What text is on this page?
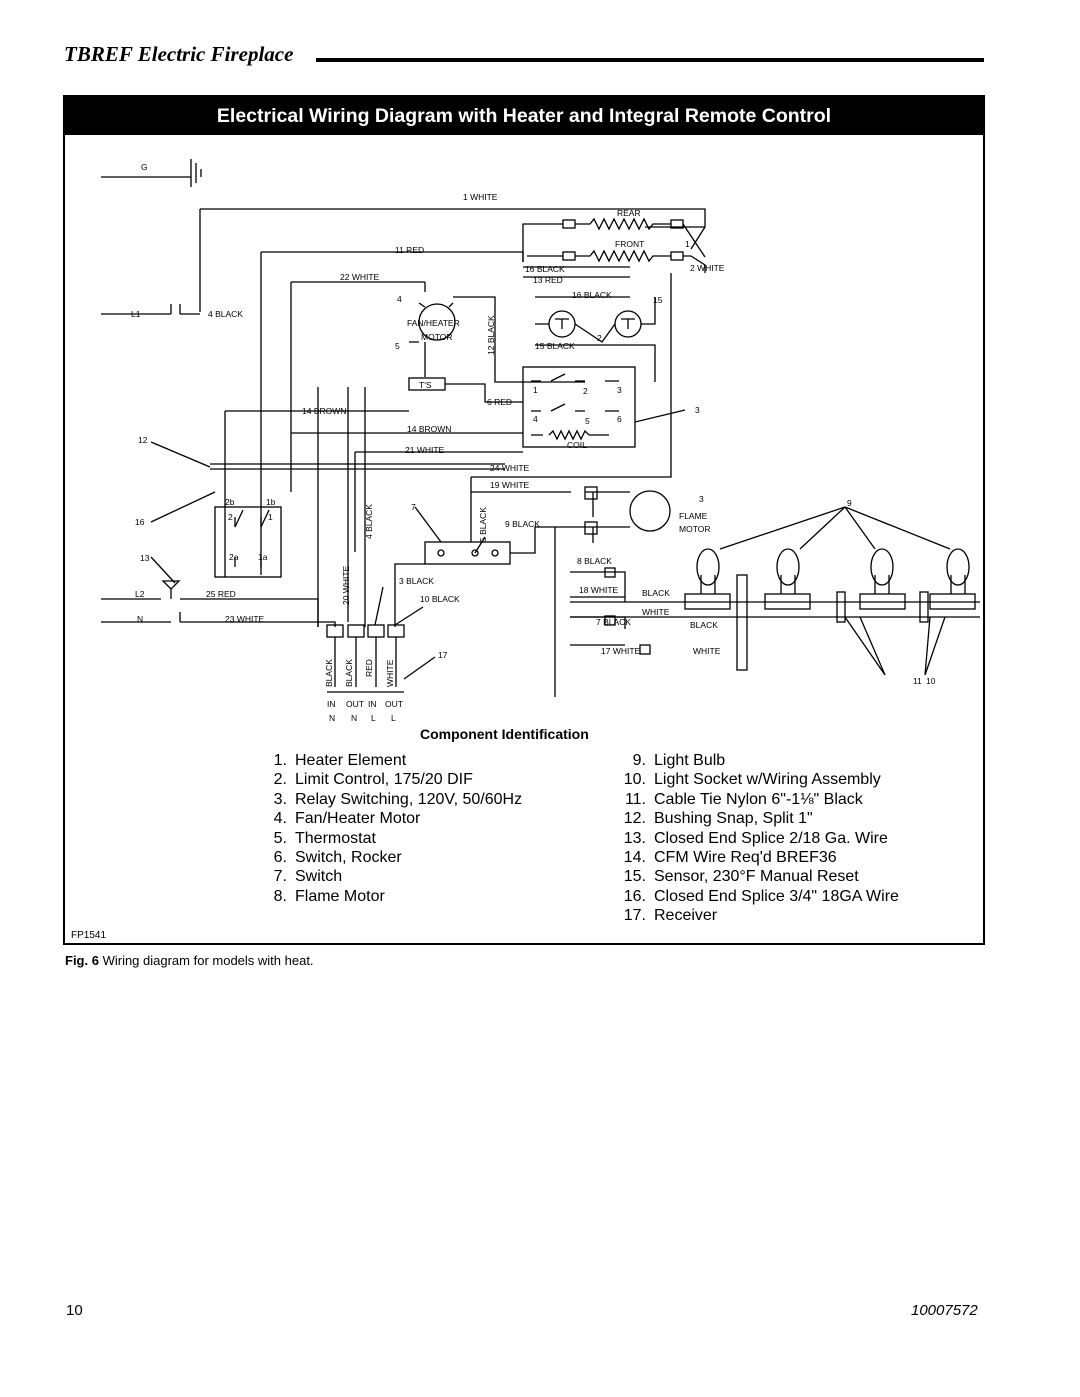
TBREF Electric Fireplace
Electrical Wiring Diagram with Heater and Integral Remote Control
G
1 WHITE
REAR
FRONT	1
2 WHITE
11 RED
22 WHITE
16 BLACK
13 RED
16 BLACK	15
4
FAN/HEATER
MOTOR
5	12 BLACK	2
15 BLACK
4 BLACK
T'S
6 RED
1	2	3
4	5	6
COIL
3
14 BROWN
14 BROWN
21 WHITE
12
24 WHITE
19 WHITE
2b	1b
2	1
2a 1a
16
13
4 BLACK	7
5 BLACK 9 BLACK
3
FLAME
MOTOR
9
8 BLACK
18 WHITE	BLACK
WHITE
7 BLACK	BLACK
17 WHITE	WHITE
25 RED
23 WHITE
20 WHITE	3 BLACK
10 BLACK
17
BLACK BLACK RED WHITE
IN OUT IN OUT
N N L L
11 10
L1
L2
N
Component Identification
1. Heater Element
2. Limit Control, 175/20 DIF
3. Relay Switching, 120V, 50/60Hz
4. Fan/Heater Motor
5. Thermostat
6. Switch, Rocker
7. Switch
8. Flame Motor
9. Light Bulb
10. Light Socket w/Wiring Assembly
11. Cable Tie Nylon 6"-1⅛" Black
12. Bushing Snap, Split 1"
13. Closed End Splice 2/18 Ga. Wire
14. CFM Wire Req'd BREF36
15. Sensor, 230°F Manual Reset
16. Closed End Splice 3/4" 18GA Wire
17. Receiver
FP1541
Fig. 6 Wiring diagram for models with heat.
10	10007572
